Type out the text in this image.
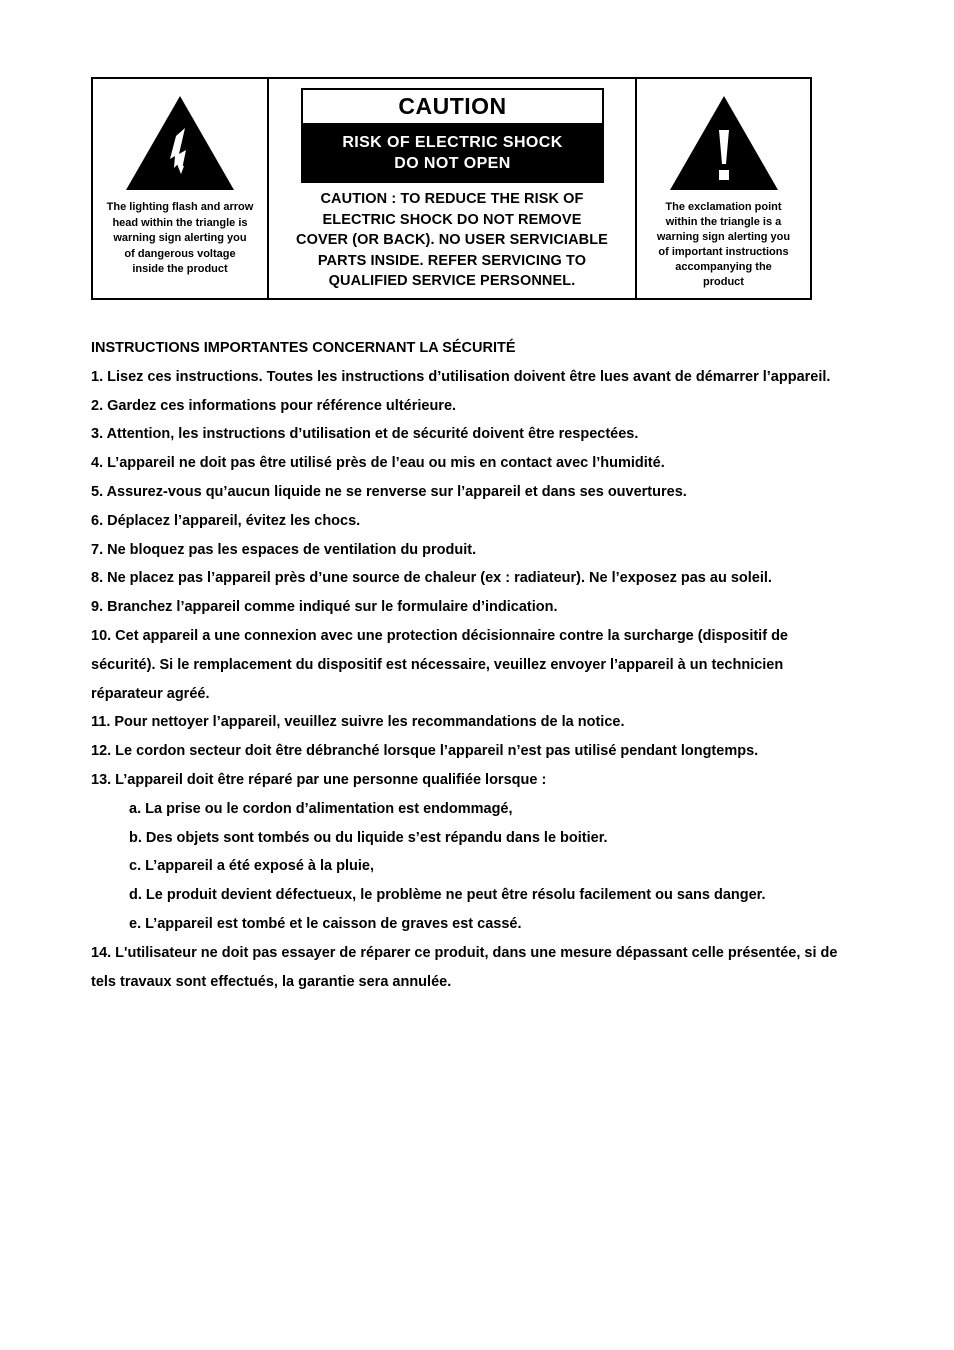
The lighting flash and arrow
head within the triangle is
warning sign alerting you
of dangerous voltage
inside the product
CAUTION
RISK OF ELECTRIC SHOCK
DO NOT OPEN
CAUTION : TO REDUCE THE RISK OF
ELECTRIC SHOCK DO NOT REMOVE
COVER (OR BACK). NO USER SERVICIABLE
PARTS INSIDE. REFER SERVICING TO
QUALIFIED SERVICE PERSONNEL.
The exclamation point
within the triangle is a
warning sign alerting you
of important instructions
accompanying the
product

INSTRUCTIONS IMPORTANTES CONCERNANT LA SÉCURITÉ

1. Lisez ces instructions. Toutes les instructions d’utilisation doivent être lues avant de démarrer l’appareil.

2. Gardez ces informations pour référence ultérieure.

3. Attention, les instructions d’utilisation et de sécurité doivent être respectées.

4. L’appareil ne doit pas être utilisé près de l’eau ou mis en contact avec l’humidité.

5. Assurez-vous qu’aucun liquide ne se renverse sur l’appareil et dans ses ouvertures.

6. Déplacez l’appareil, évitez les chocs.

7. Ne bloquez pas les espaces de ventilation du produit.

8. Ne placez pas l’appareil près d’une source de chaleur (ex : radiateur). Ne l’exposez pas au soleil.

9. Branchez l’appareil comme indiqué sur le formulaire d’indication.

10. Cet appareil a une connexion avec une protection décisionnaire contre la surcharge (dispositif de sécurité). Si le remplacement du dispositif est nécessaire, veuillez envoyer l’appareil à un technicien réparateur agréé.

11. Pour nettoyer l’appareil, veuillez suivre les recommandations de la notice.

12. Le cordon secteur doit être débranché lorsque l’appareil n’est pas utilisé pendant longtemps.

13. L’appareil doit être réparé par une personne qualifiée lorsque :

a. La prise ou le cordon d’alimentation est endommagé,

b. Des objets sont tombés ou du liquide s’est répandu dans le boitier.

c. L’appareil a été exposé à la pluie,

d. Le produit devient défectueux, le problème ne peut être résolu facilement ou sans danger.

e. L’appareil est tombé et le caisson de graves est cassé.

14. L'utilisateur ne doit pas essayer de réparer ce produit, dans une mesure dépassant celle présentée, si de tels travaux sont effectués, la garantie sera annulée.
